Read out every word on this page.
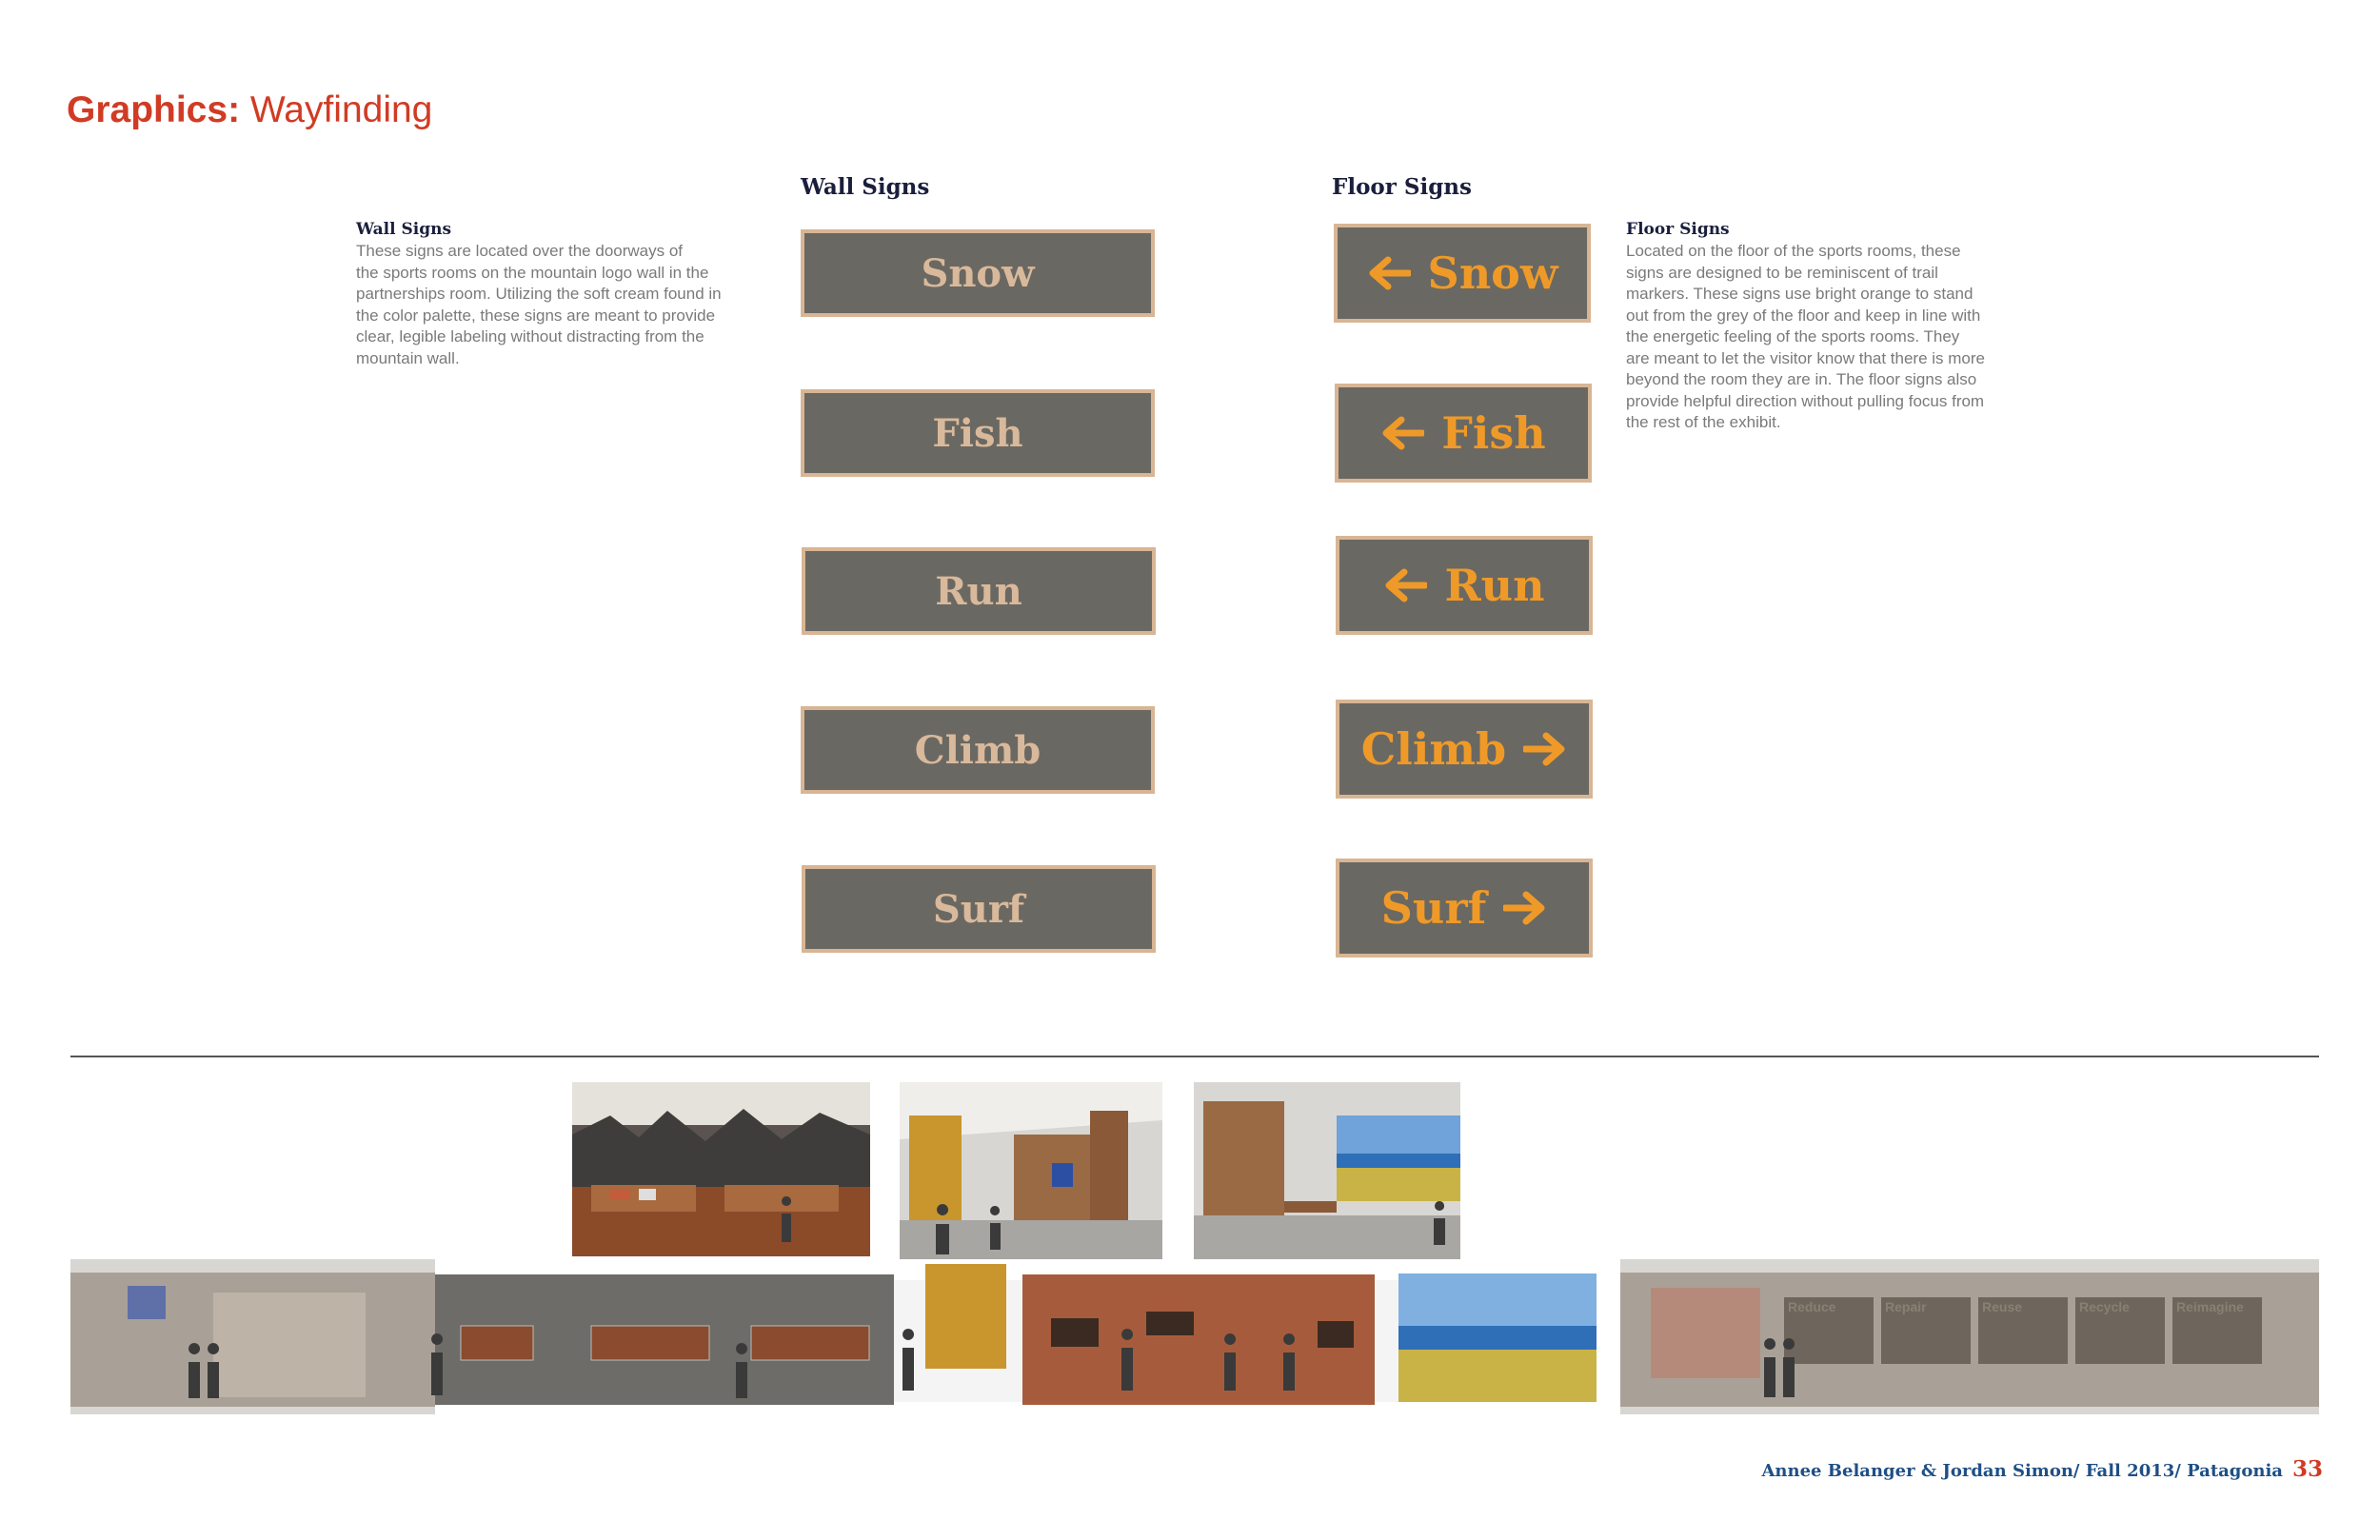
Graphics: Wayfinding
Wall Signs	Floor Signs
Wall Signs
These signs are located over the doorways of
the sports rooms on the mountain logo wall in the
partnerships room. Utilizing the soft cream found in
the color palette, these signs are meant to provide
clear, legible labeling without distracting from the
mountain wall.
Floor Signs
Located on the floor of the sports rooms, these
signs are designed to be reminiscent of trail
markers. These signs use bright orange to stand
out from the grey of the floor and keep in line with
the energetic feeling of the sports rooms. They
are meant to let the visitor know that there is more
beyond the room they are in. The floor signs also
provide helpful direction without pulling focus from
the rest of the exhibit.
Snow
Fish
Run
Climb
Surf
Snow
Fish
Run
Climb
Surf
Reduce	Repair	Reuse	Recycle	Reimagine
Annee Belanger & Jordan Simon/ Fall 2013/ Patagonia 33
